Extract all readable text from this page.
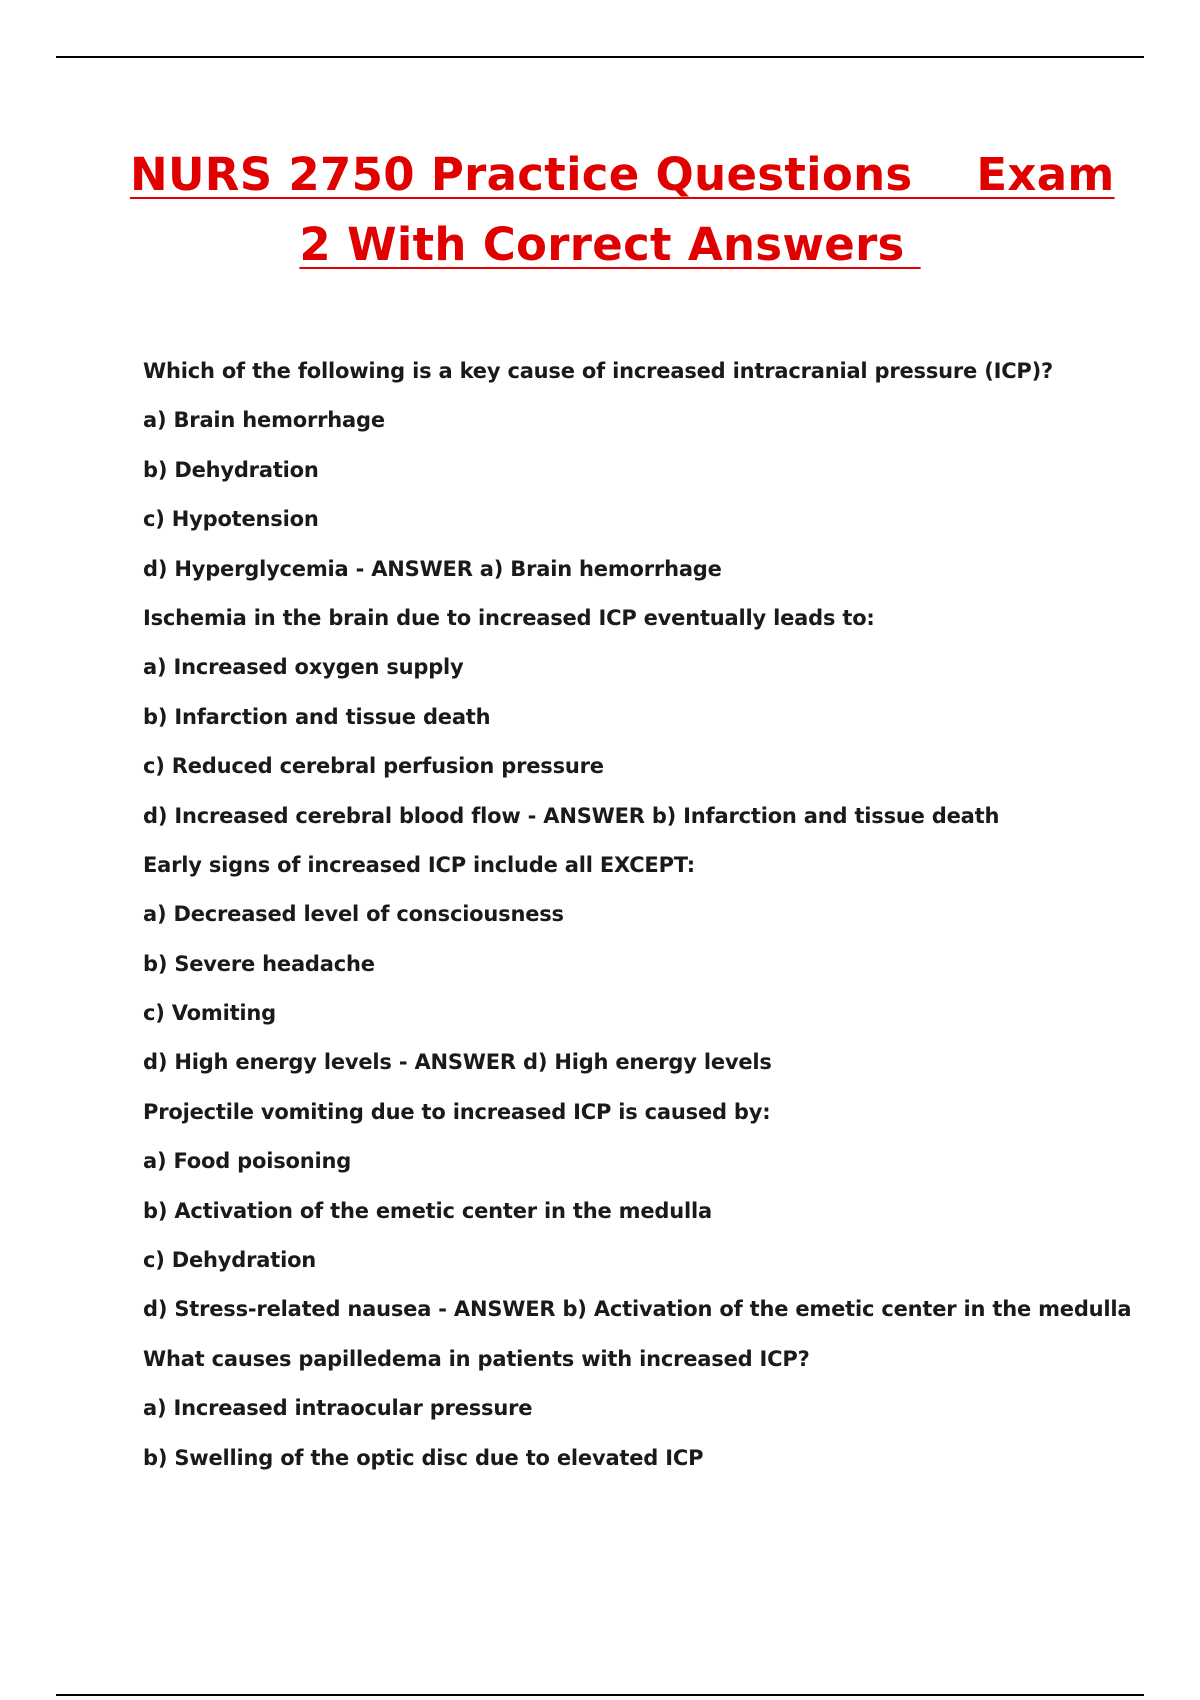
NURS 2750 Practice Questions    Exam
2 With Correct Answers
Which of the following is a key cause of increased intracranial pressure (ICP)?
a) Brain hemorrhage
b) Dehydration
c) Hypotension
d) Hyperglycemia - ANSWER a) Brain hemorrhage
Ischemia in the brain due to increased ICP eventually leads to:
a) Increased oxygen supply
b) Infarction and tissue death
c) Reduced cerebral perfusion pressure
d) Increased cerebral blood flow - ANSWER b) Infarction and tissue death
Early signs of increased ICP include all EXCEPT:
a) Decreased level of consciousness
b) Severe headache
c) Vomiting
d) High energy levels - ANSWER d) High energy levels
Projectile vomiting due to increased ICP is caused by:
a) Food poisoning
b) Activation of the emetic center in the medulla
c) Dehydration
d) Stress-related nausea - ANSWER b) Activation of the emetic center in the medulla
What causes papilledema in patients with increased ICP?
a) Increased intraocular pressure
b) Swelling of the optic disc due to elevated ICP
